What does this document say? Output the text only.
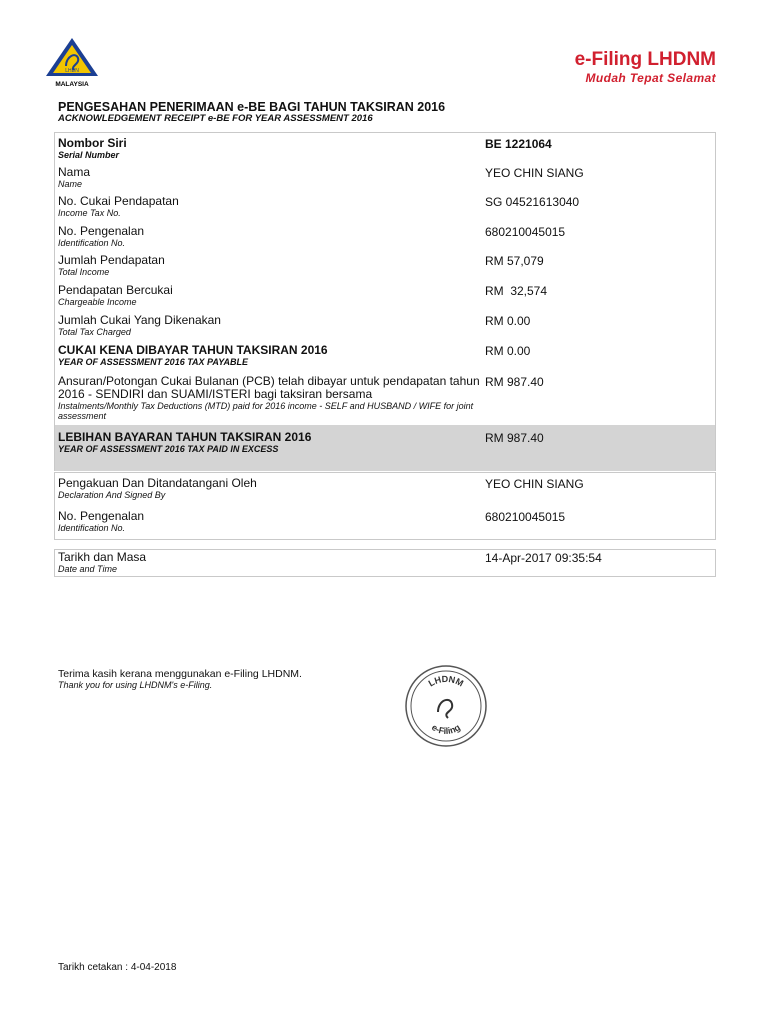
LHDN
MALAYSIA
e-Filing LHDNM
Mudah Tepat Selamat
PENGESAHAN PENERIMAAN e-BE BAGI TAHUN TAKSIRAN 2016
ACKNOWLEDGEMENT RECEIPT e-BE FOR YEAR ASSESSMENT 2016
Nombor Siri
Serial Number
BE 1221064
Nama
Name
YEO CHIN SIANG
No. Cukai Pendapatan
Income Tax No.
SG 04521613040
No. Pengenalan
Identification No.
680210045015
Jumlah Pendapatan
Total Income
RM 57,079
Pendapatan Bercukai
Chargeable Income
RM  32,574
Jumlah Cukai Yang Dikenakan
Total Tax Charged
RM 0.00
CUKAI KENA DIBAYAR TAHUN TAKSIRAN 2016
YEAR OF ASSESSMENT 2016 TAX PAYABLE
RM 0.00
Ansuran/Potongan Cukai Bulanan (PCB) telah dibayar untuk pendapatan tahun 2016 - SENDIRI dan SUAMI/ISTERI bagi taksiran bersama
Instalments/Monthly Tax Deductions (MTD) paid for 2016 income - SELF and HUSBAND / WIFE for joint assessment
RM 987.40
LEBIHAN BAYARAN TAHUN TAKSIRAN 2016
YEAR OF ASSESSMENT 2016 TAX PAID IN EXCESS
RM 987.40
Pengakuan Dan Ditandatangani Oleh
Declaration And Signed By
YEO CHIN SIANG
No. Pengenalan
Identification No.
680210045015
Tarikh dan Masa
Date and Time
14-Apr-2017 09:35:54
Terima kasih kerana menggunakan e-Filing LHDNM.
Thank you for using LHDNM's e-Filing.	LHDNM
e-Filing
Tarikh cetakan : 4-04-2018
